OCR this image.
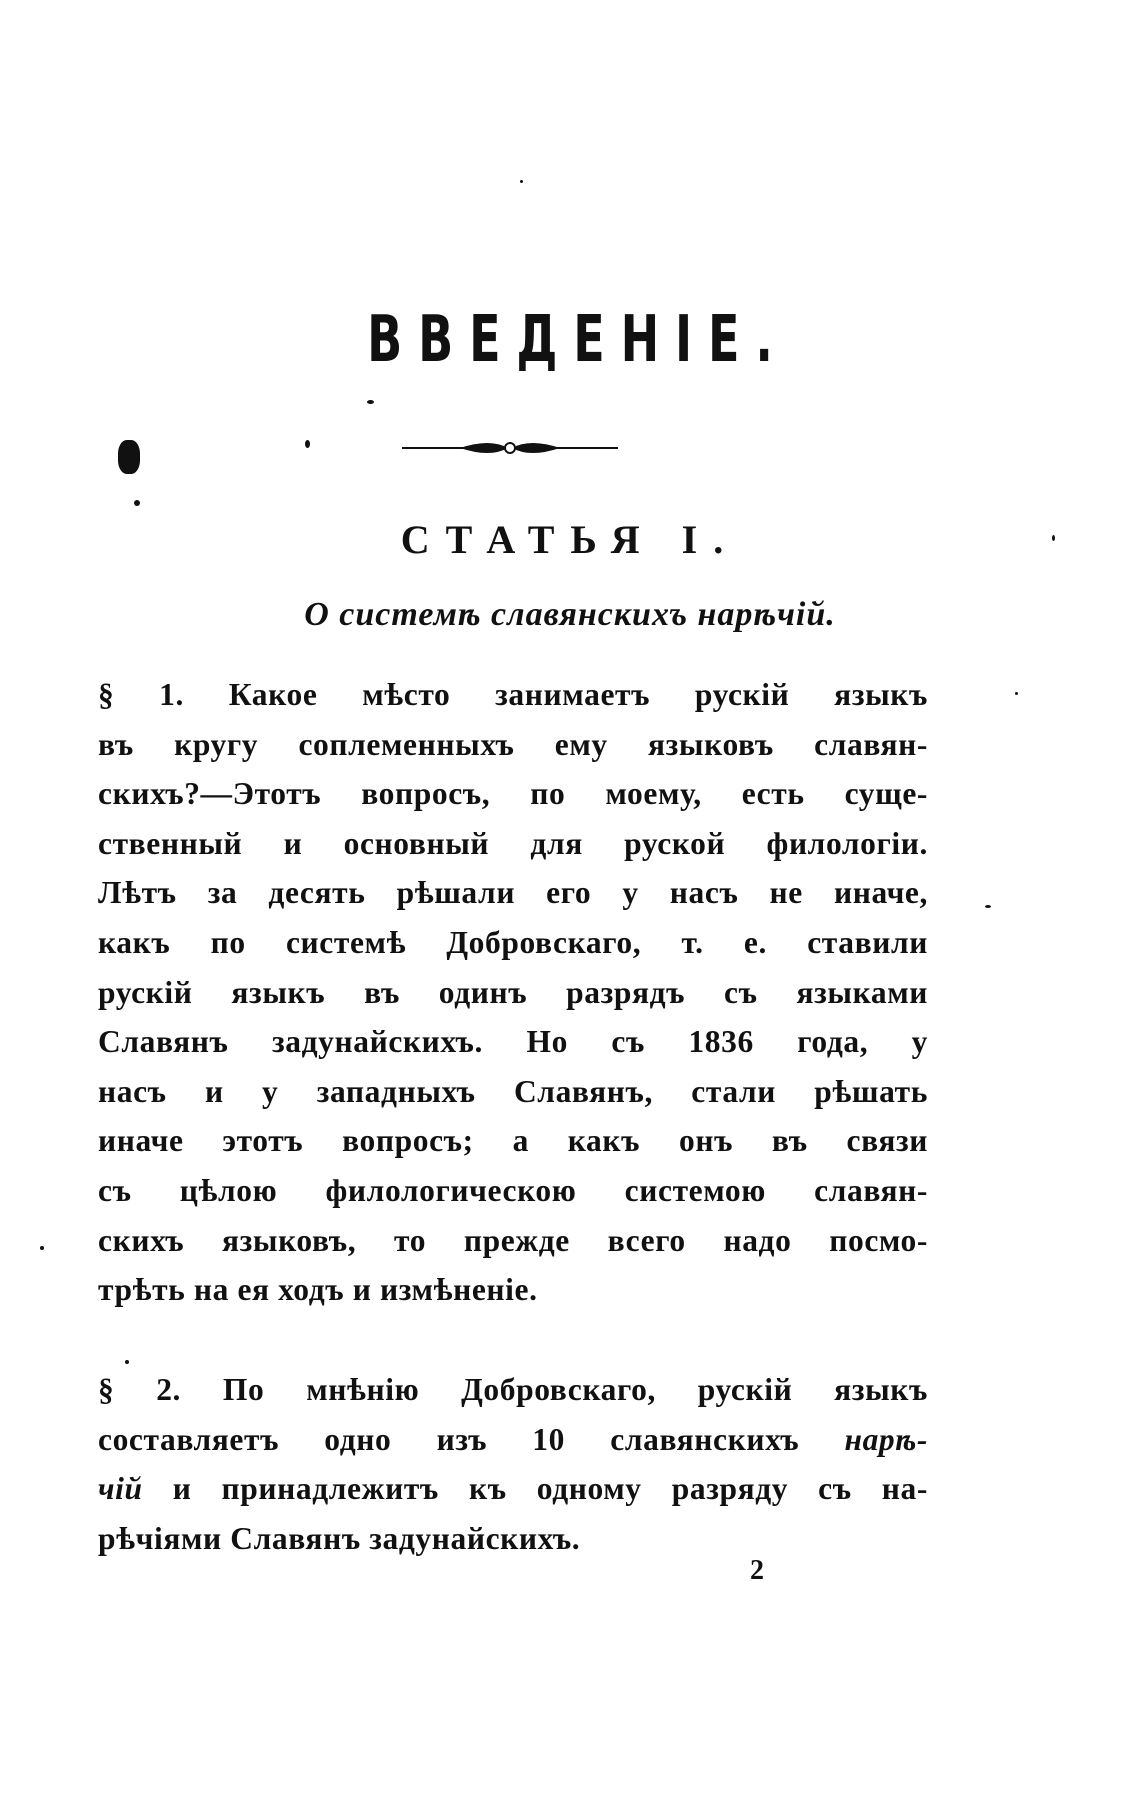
ВВЕДЕНІЕ.
СТАТЬЯ I.
О системѣ славянскихъ нарѣчій.
§ 1. Какое мѣсто занимаетъ рускій языкъ
въ кругу соплеменныхъ ему языковъ славян-
скихъ?—Этотъ вопросъ, по моему, есть суще-
ственный и основный для руской филологіи.
Лѣтъ за десять рѣшали его у насъ не иначе,
какъ по системѣ Добровскаго, т. е. ставили
рускій языкъ въ одинъ разрядъ съ языками
Славянъ задунайскихъ. Но съ 1836 года, у
насъ и у западныхъ Славянъ, стали рѣшать
иначе этотъ вопросъ; а какъ онъ въ связи
съ цѣлою филологическою системою славян-
скихъ языковъ, то прежде всего надо посмо-
трѣть на ея ходъ и измѣненіе.
§ 2. По мнѣнію Добровскаго, рускій языкъ
составляетъ одно изъ 10 славянскихъ нарѣ-
чій и принадлежитъ къ одному разряду съ на-
рѣчіями Славянъ задунайскихъ.
2
